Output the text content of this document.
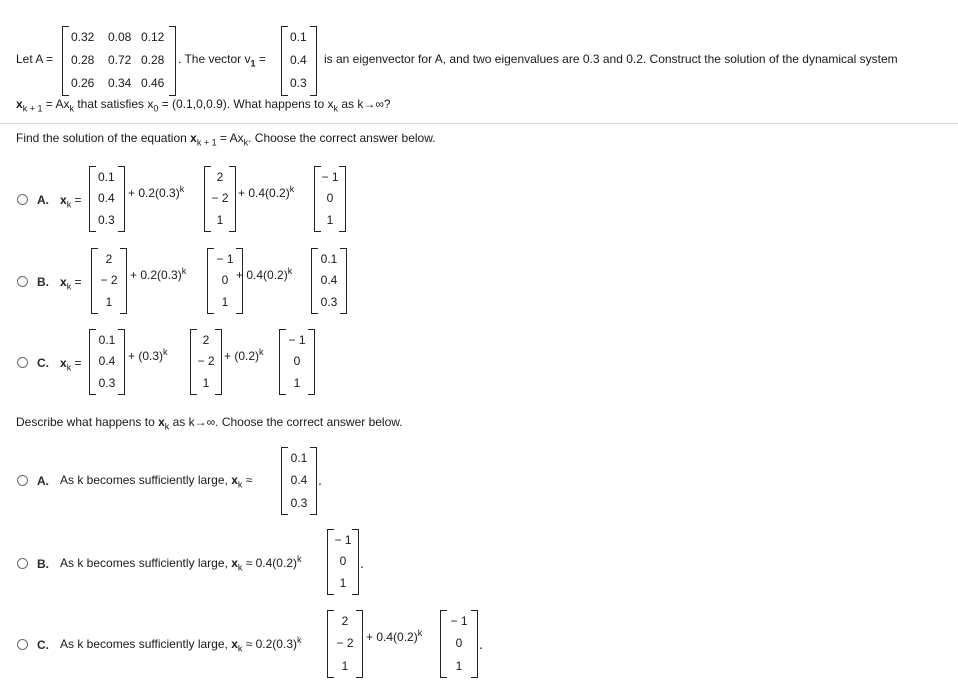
Let A =
0.32 0.08 0.12
0.28 0.72 0.28
0.26 0.34 0.46
. The vector $v_1$ =
0.1
0.4
0.3
is an eigenvector for A, and two eigenvalues are 0.3 and 0.2. Construct the solution of the dynamical system
$x_{k + 1} = Ax_k$ that satisfies $x_0 = (0.1,0,0.9)$. What happens to $x_k$ as k→∞?
Find the solution of the equation $x_{k + 1} = Ax_k$. Choose the correct answer below.
A. $x_k$ =
0.1
0.4
0.3
+ $0.2(0.3)^k$
2
− 2
1
+ $0.4(0.2)^k$
− 1
0
1
B. $x_k$ =
2
− 2
1
+ $0.2(0.3)^k$
− 1
0
1
+ $0.4(0.2)^k$
0.1
0.4
0.3
C. $x_k$ =
0.1
0.4
0.3
+ $(0.3)^k$
2
− 2
1
+ $(0.2)^k$
− 1
0
1
Describe what happens to $x_k$ as k→∞. Choose the correct answer below.
A. As k becomes sufficiently large, $x_k$ ≈
0.1
0.4
0.3
.
B. As k becomes sufficiently large, $x_k \approx 0.4(0.2)^k$
− 1
0
1
.
C. As k becomes sufficiently large, $x_k \approx 0.2(0.3)^k$
2
− 2
1
+ $0.4(0.2)^k$
− 1
0
1
.
